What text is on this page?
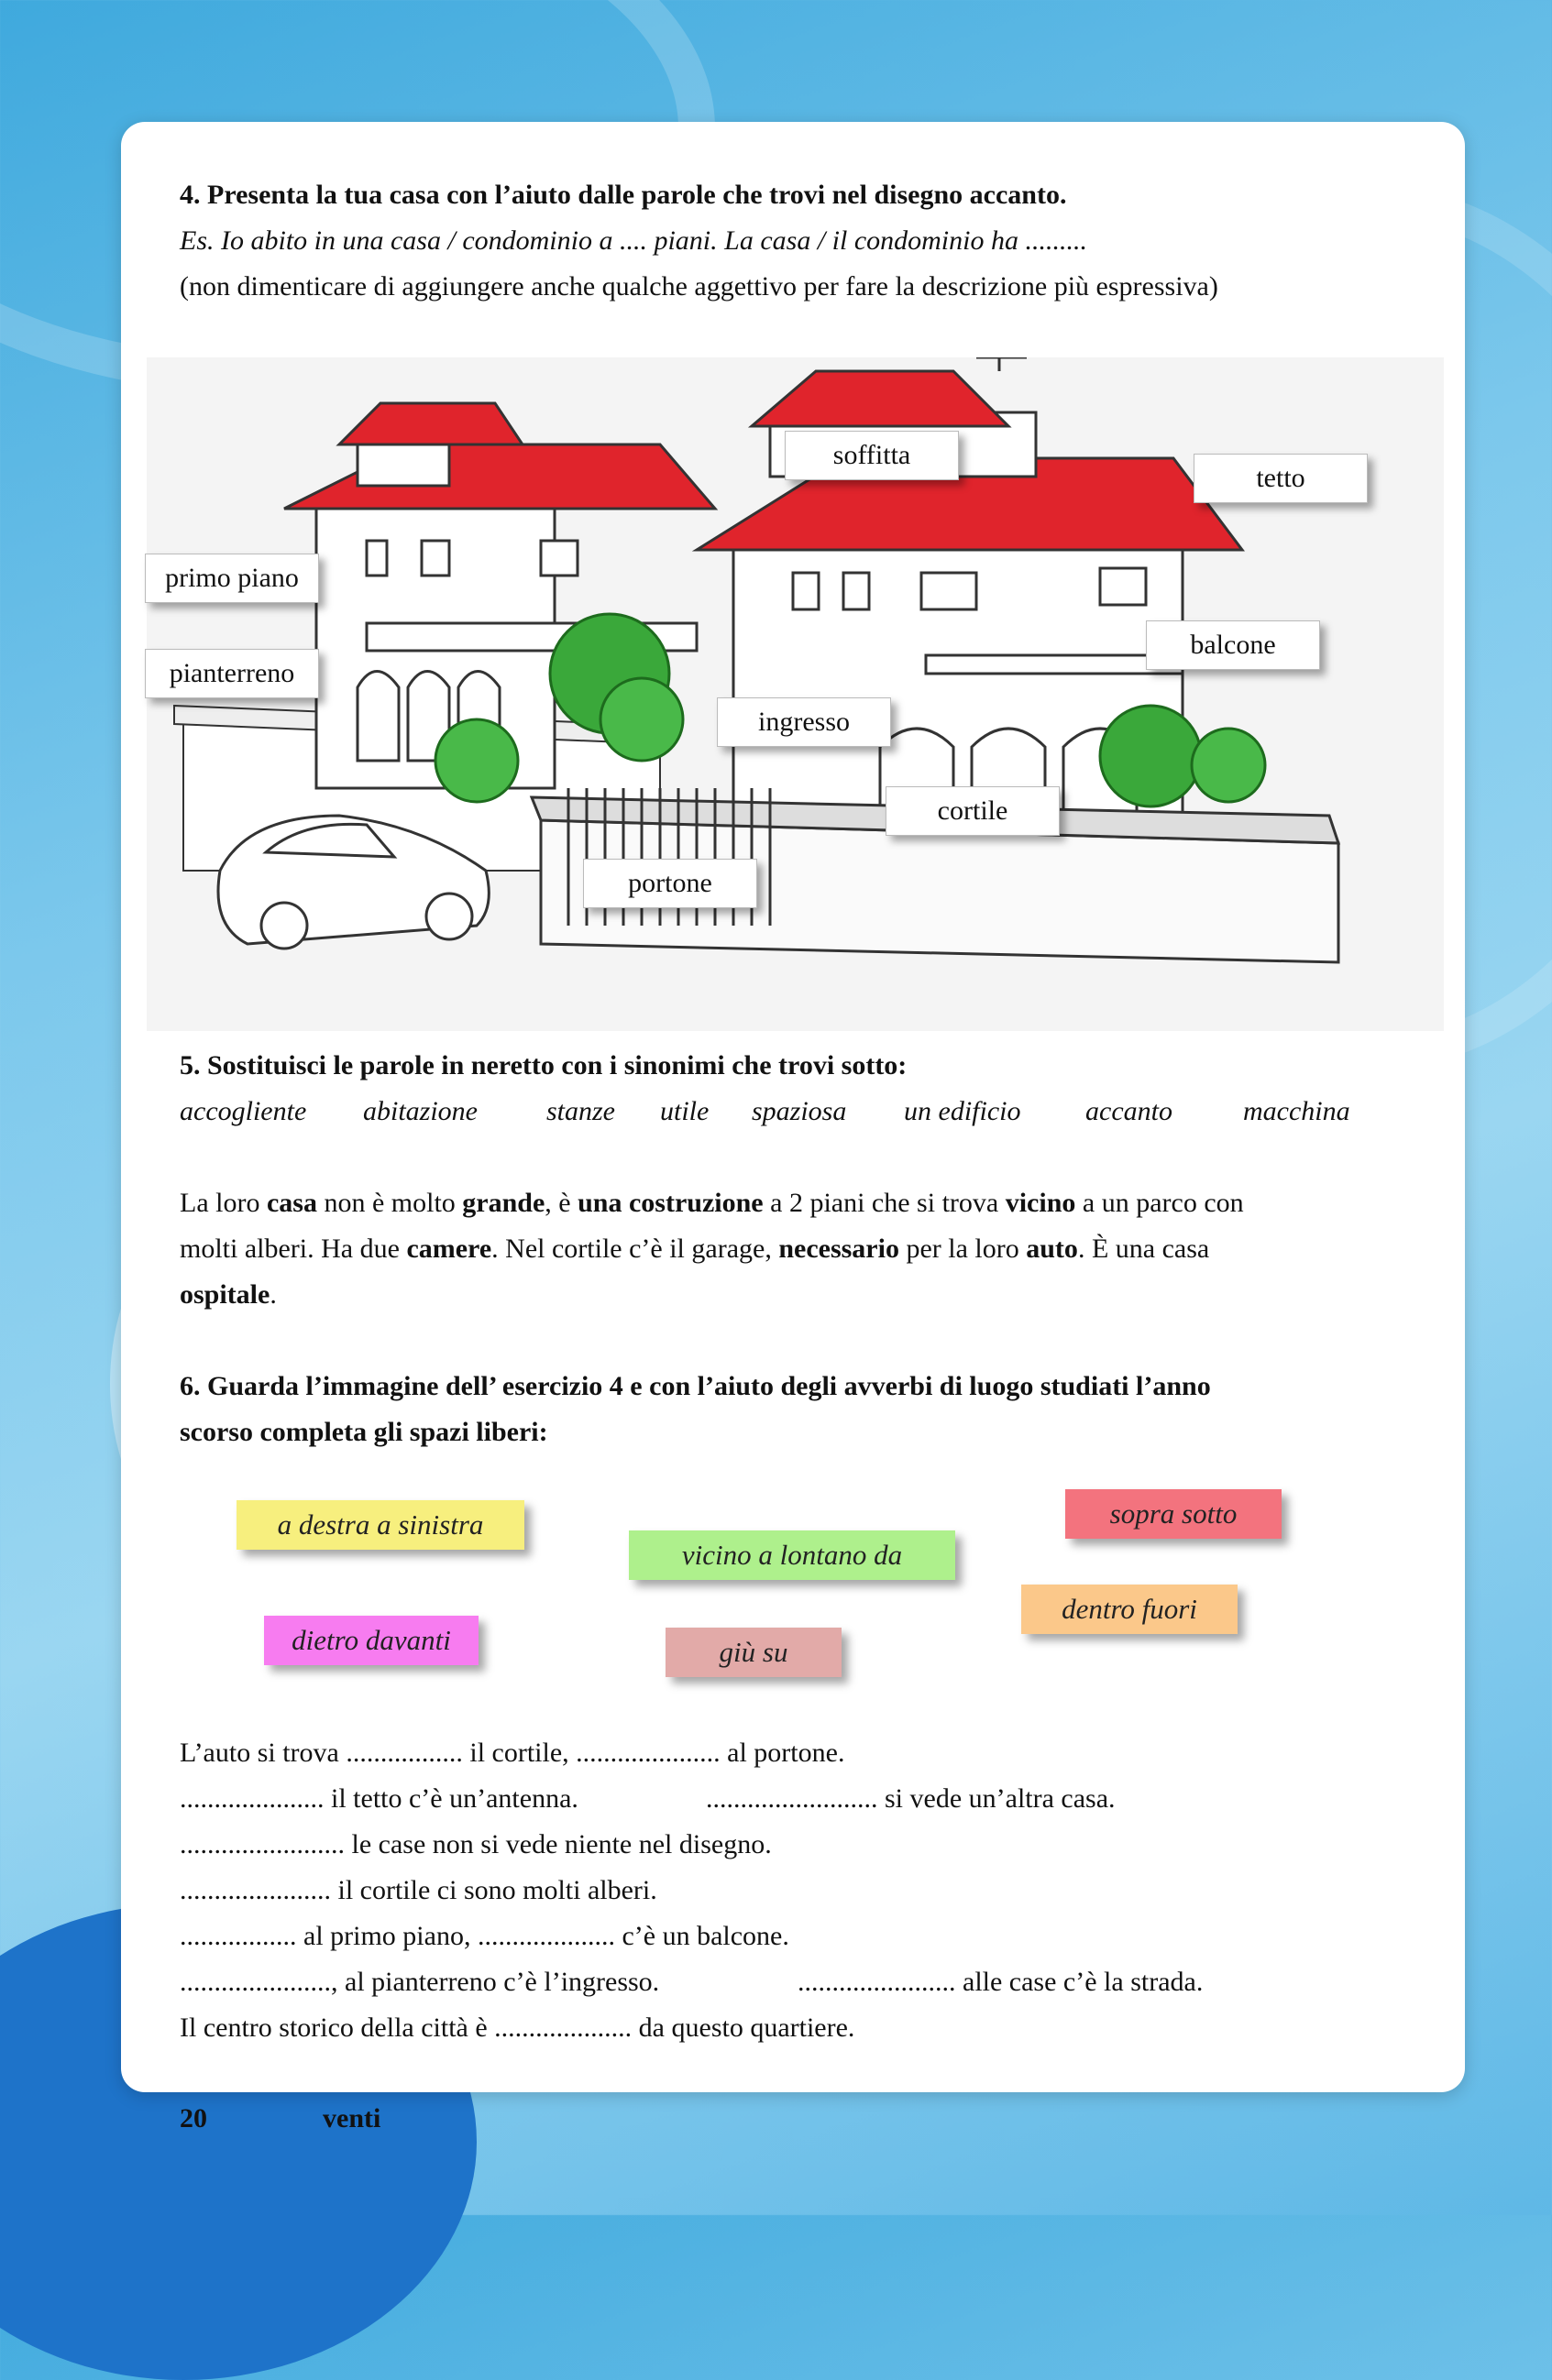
4. Presenta la tua casa con l’aiuto dalle parole che trovi nel disegno accanto.
Es. Io abito in una casa / condominio a .... piani. La casa / il condominio ha .........
(non dimenticare di aggiungere anche qualche aggettivo per fare la descrizione più espressiva)
soffitta
tetto
primo piano
balcone
pianterreno
ingresso
cortile
portone
5. Sostituisci le parole in neretto con i sinonimi che trovi sotto:
accogliente abitazione	stanze utile spaziosa un edificio accanto	macchina
La loro casa non è molto grande, è una costruzione a 2 piani che si trova vicino a un parco con
molti alberi. Ha due camere. Nel cortile c’è il garage, necessario per la loro auto. È una casa
ospitale.
6. Guarda l’immagine dell’ esercizio 4 e con l’aiuto degli avverbi di luogo studiati l’anno
scorso completa gli spazi liberi:
a destra a sinistra
vicino a lontano da
sopra sotto
dietro davanti	giù su
dentro fuori
L’auto si trova ................. il cortile, ..................... al portone.
..................... il tetto c’è un’antenna.	......................... si vede un’altra casa.
........................ le case non si vede niente nel disegno.
...................... il cortile ci sono molti alberi.
................. al primo piano, .................... c’è un balcone.
......................, al pianterreno c’è l’ingresso.	....................... alle case c’è la strada.
Il centro storico della città è .................... da questo quartiere.
20	venti
